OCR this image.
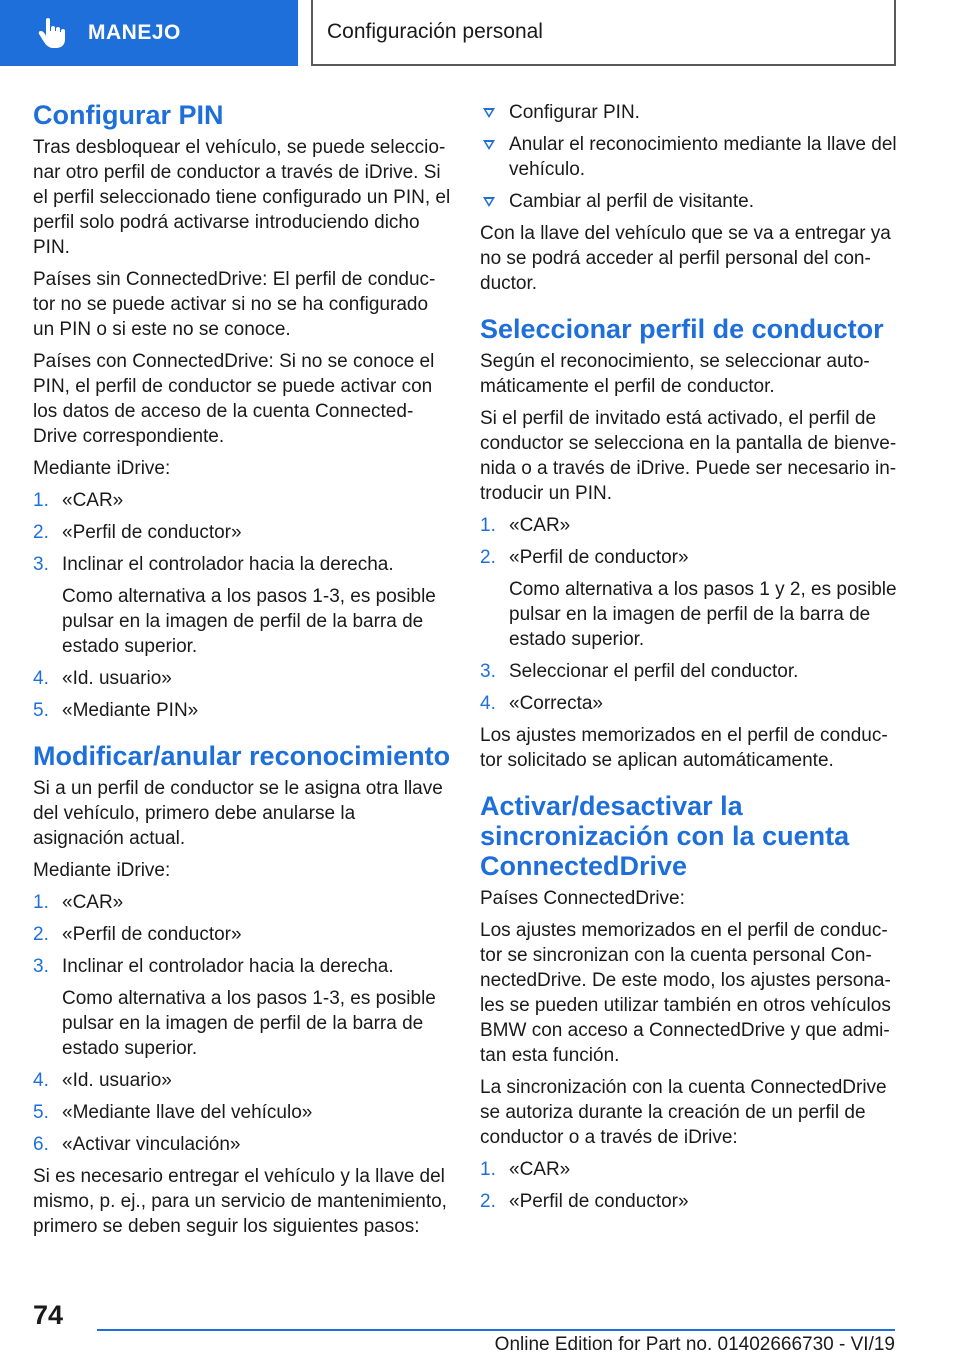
MANEJO	Configuración personal
Configurar PIN

Tras desbloquear el vehículo, se puede seleccionar otro perfil de conductor a través de iDrive. Si el perfil seleccionado tiene configurado un PIN, el perfil solo podrá activarse introduciendo dicho PIN.

Países sin ConnectedDrive: El perfil de conductor no se puede activar si no se ha configurado un PIN o si este no se conoce.

Países con ConnectedDrive: Si no se conoce el PIN, el perfil de conductor se puede activar con los datos de acceso de la cuenta ConnectedDrive correspondiente.

Mediante iDrive:

1. «CAR»
2. «Perfil de conductor»
3. Inclinar el controlador hacia la derecha.
Como alternativa a los pasos 1-3, es posible pulsar en la imagen de perfil de la barra de estado superior.
4. «Id. usuario»
5. «Mediante PIN»
Modificar/anular reconocimiento

Si a un perfil de conductor se le asigna otra llave del vehículo, primero debe anularse la asignación actual.

Mediante iDrive:

1. «CAR»
2. «Perfil de conductor»
3. Inclinar el controlador hacia la derecha.
Como alternativa a los pasos 1-3, es posible pulsar en la imagen de perfil de la barra de estado superior.
4. «Id. usuario»
5. «Mediante llave del vehículo»
6. «Activar vinculación»

Si es necesario entregar el vehículo y la llave del mismo, p. ej., para un servicio de mantenimiento, primero se deben seguir los siguientes pasos:

Configurar PIN.
Anular el reconocimiento mediante la llave del vehículo.
Cambiar al perfil de visitante.

Con la llave del vehículo que se va a entregar ya no se podrá acceder al perfil personal del conductor.

Seleccionar perfil de conductor

Según el reconocimiento, se seleccionar automáticamente el perfil de conductor.

Si el perfil de invitado está activado, el perfil de conductor se selecciona en la pantalla de bienvenida o a través de iDrive. Puede ser necesario introducir un PIN.

1. «CAR»
2. «Perfil de conductor»
Como alternativa a los pasos 1 y 2, es posible pulsar en la imagen de perfil de la barra de estado superior.
3. Seleccionar el perfil del conductor.
4. «Correcta»

Los ajustes memorizados en el perfil de conductor solicitado se aplican automáticamente.

Activar/desactivar la sincronización con la cuenta ConnectedDrive

Países ConnectedDrive:

Los ajustes memorizados en el perfil de conductor se sincronizan con la cuenta personal ConnectedDrive. De este modo, los ajustes personales se pueden utilizar también en otros vehículos BMW con acceso a ConnectedDrive y que admitan esta función.

La sincronización con la cuenta ConnectedDrive se autoriza durante la creación de un perfil de conductor o a través de iDrive:

1. «CAR»
2. «Perfil de conductor»
74
Online Edition for Part no. 01402666730 - VI/19
